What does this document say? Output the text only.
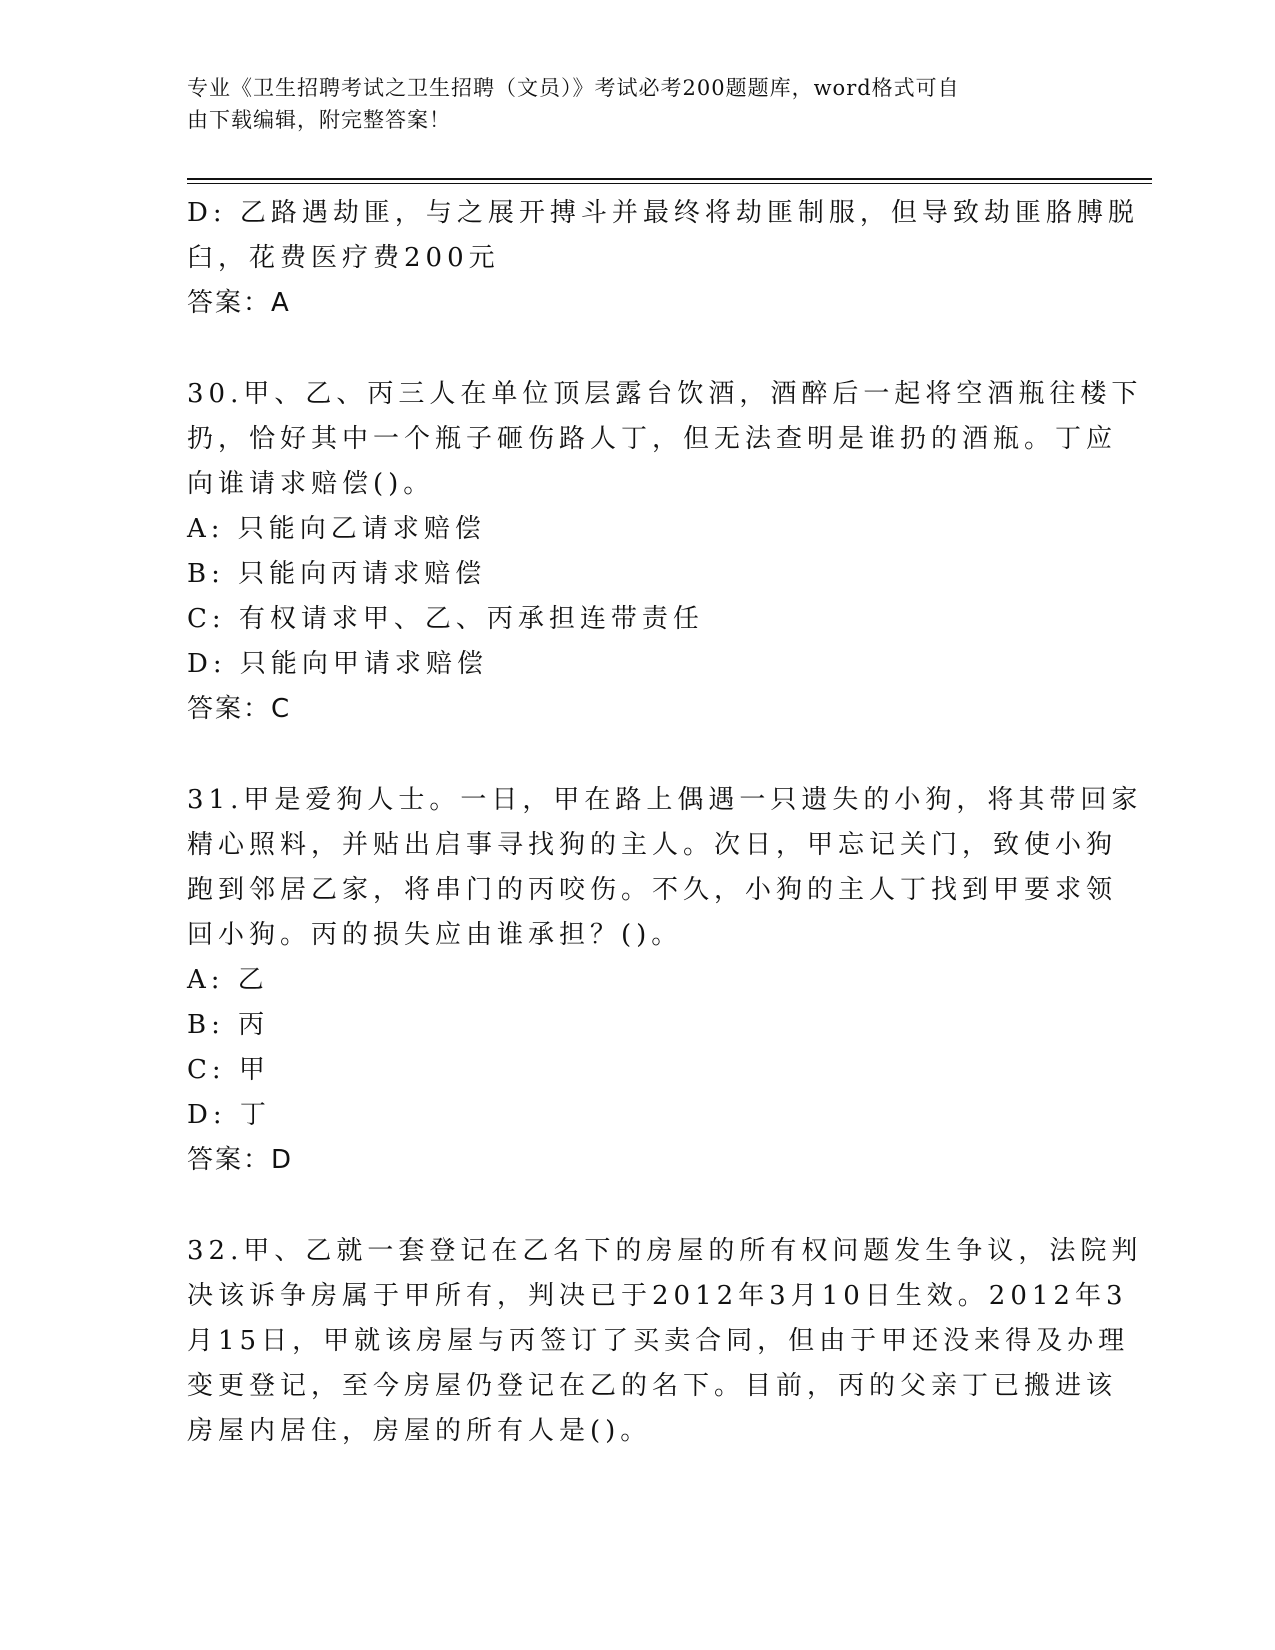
专业《卫生招聘考试之卫生招聘（文员）》考试必考200题题库，word格式可自
由下载编辑，附完整答案！
D: 乙路遇劫匪，与之展开搏斗并最终将劫匪制服，但导致劫匪胳膊脱
臼，花费医疗费200元
答案：A
30.甲、乙、丙三人在单位顶层露台饮酒，酒醉后一起将空酒瓶往楼下
扔，恰好其中一个瓶子砸伤路人丁，但无法查明是谁扔的酒瓶。丁应
向谁请求赔偿()。
A: 只能向乙请求赔偿
B: 只能向丙请求赔偿
C: 有权请求甲、乙、丙承担连带责任
D: 只能向甲请求赔偿
答案：C
31.甲是爱狗人士。一日，甲在路上偶遇一只遗失的小狗，将其带回家
精心照料，并贴出启事寻找狗的主人。次日，甲忘记关门，致使小狗
跑到邻居乙家，将串门的丙咬伤。不久，小狗的主人丁找到甲要求领
回小狗。丙的损失应由谁承担？()。
A: 乙
B: 丙
C: 甲
D: 丁
答案：D
32.甲、乙就一套登记在乙名下的房屋的所有权问题发生争议，法院判
决该诉争房属于甲所有，判决已于2012年3月10日生效。2012年3
月15日，甲就该房屋与丙签订了买卖合同，但由于甲还没来得及办理
变更登记，至今房屋仍登记在乙的名下。目前，丙的父亲丁已搬进该
房屋内居住，房屋的所有人是()。
